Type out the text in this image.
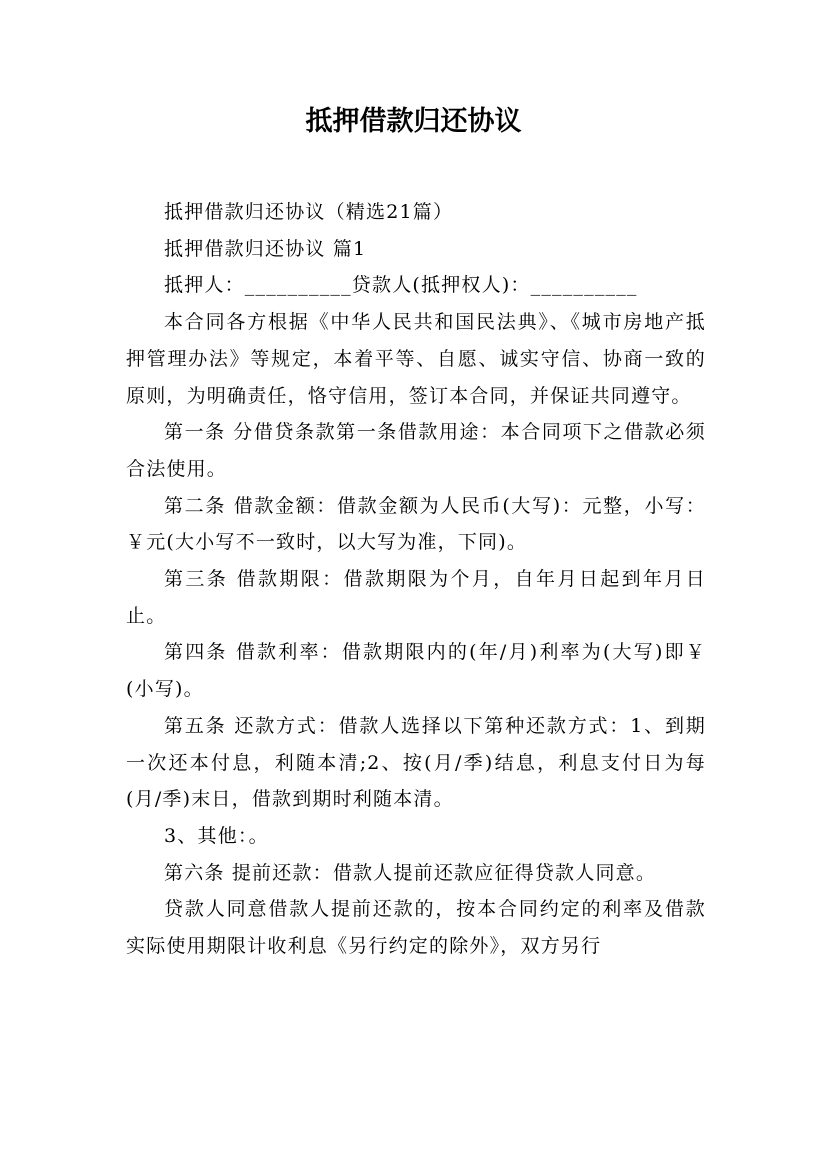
抵押借款归还协议

抵押借款归还协议（精选21篇）

抵押借款归还协议 篇1

抵押人：__________贷款人(抵押权人)：__________

本合同各方根据《中华人民共和国民法典》、《城市房地产抵押管理办法》等规定，本着平等、自愿、诚实守信、协商一致的原则，为明确责任，恪守信用，签订本合同，并保证共同遵守。

第一条 分借贷条款第一条借款用途：本合同项下之借款必须合法使用。

第二条 借款金额：借款金额为人民币(大写)：元整，小写：￥元(大小写不一致时，以大写为准，下同)。

第三条 借款期限：借款期限为个月，自年月日起到年月日止。

第四条 借款利率：借款期限内的(年/月)利率为(大写)即￥(小写)。

第五条 还款方式：借款人选择以下第种还款方式：1、到期一次还本付息，利随本清;2、按(月/季)结息，利息支付日为每(月/季)末日，借款到期时利随本清。

3、其他：。

第六条 提前还款：借款人提前还款应征得贷款人同意。

贷款人同意借款人提前还款的，按本合同约定的利率及借款实际使用期限计收利息《另行约定的除外》，双方另行
